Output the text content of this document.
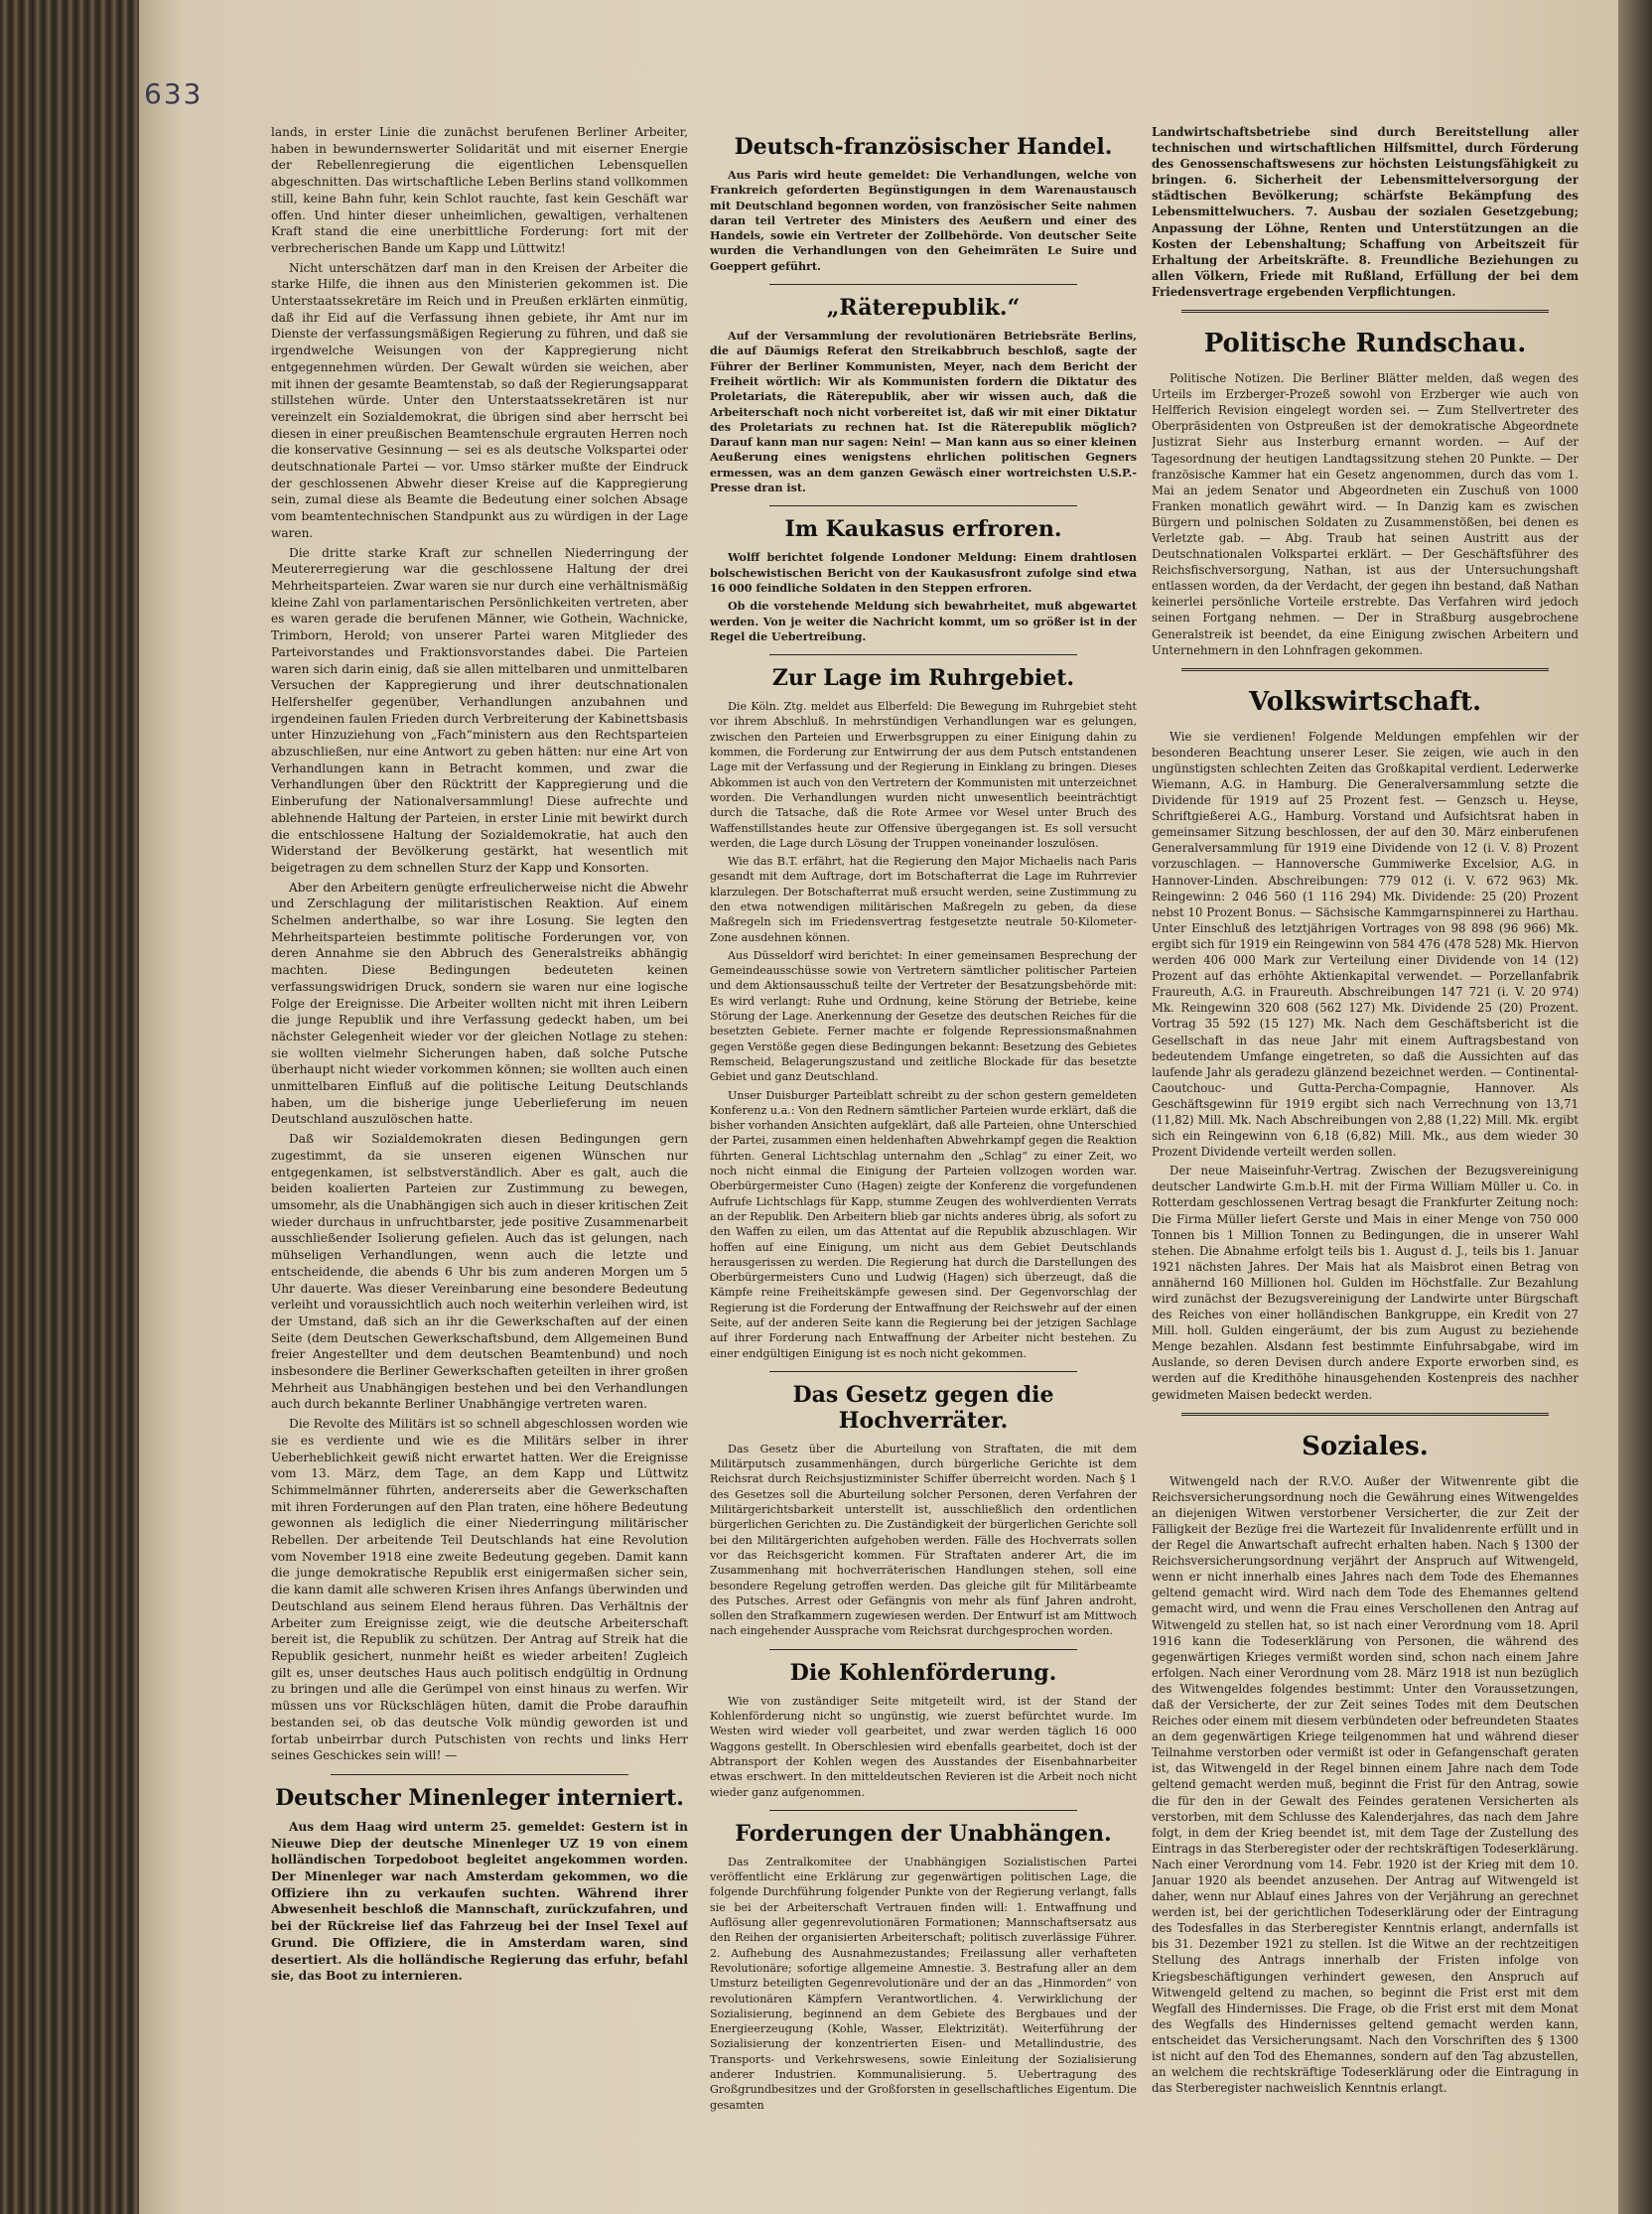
633

lands, in erster Linie die zunächst berufenen Berliner Arbeiter, haben in bewundernswerter Solidarität und mit eiserner Energie der Rebellenregierung die eigentlichen Lebensquellen abgeschnitten. Das wirtschaftliche Leben Berlins stand vollkommen still, keine Bahn fuhr, kein Schlot rauchte, fast kein Geschäft war offen. Und hinter dieser unheimlichen, gewaltigen, verhaltenen Kraft stand die eine unerbittliche Forderung: fort mit der verbrecherischen Bande um Kapp und Lüttwitz!

Nicht unterschätzen darf man in den Kreisen der Arbeiter die starke Hilfe, die ihnen aus den Ministerien gekommen ist. Die Unterstaatssekretäre im Reich und in Preußen erklärten einmütig, daß ihr Eid auf die Verfassung ihnen gebiete, ihr Amt nur im Dienste der verfassungsmäßigen Regierung zu führen, und daß sie irgendwelche Weisungen von der Kappregierung nicht entgegennehmen würden. Der Gewalt würden sie weichen, aber mit ihnen der gesamte Beamtenstab, so daß der Regierungsapparat stillstehen würde. Unter den Unterstaatssekretären ist nur vereinzelt ein Sozialdemokrat, die übrigen sind aber herrscht bei diesen in einer preußischen Beamtenschule ergrauten Herren noch die konservative Gesinnung — sei es als deutsche Volkspartei oder deutschnationale Partei — vor. Umso stärker mußte der Eindruck der geschlossenen Abwehr dieser Kreise auf die Kappregierung sein, zumal diese als Beamte die Bedeutung einer solchen Absage vom beamtentechnischen Standpunkt aus zu würdigen in der Lage waren.

Die dritte starke Kraft zur schnellen Niederringung der Meutererregierung war die geschlossene Haltung der drei Mehrheitsparteien. Zwar waren sie nur durch eine verhältnismäßig kleine Zahl von parlamentarischen Persönlichkeiten vertreten, aber es waren gerade die berufenen Männer, wie Gothein, Wachnicke, Trimborn, Herold; von unserer Partei waren Mitglieder des Parteivorstandes und Fraktionsvorstandes dabei. Die Parteien waren sich darin einig, daß sie allen mittelbaren und unmittelbaren Versuchen der Kappregierung und ihrer deutschnationalen Helfershelfer gegenüber, Verhandlungen anzubahnen und irgendeinen faulen Frieden durch Verbreiterung der Kabinettsbasis unter Hinzuziehung von „Fach“ministern aus den Rechtsparteien abzuschließen, nur eine Antwort zu geben hätten: nur eine Art von Verhandlungen kann in Betracht kommen, und zwar die Verhandlungen über den Rücktritt der Kappregierung und die Einberufung der Nationalversammlung! Diese aufrechte und ablehnende Haltung der Parteien, in erster Linie mit bewirkt durch die entschlossene Haltung der Sozialdemokratie, hat auch den Widerstand der Bevölkerung gestärkt, hat wesentlich mit beigetragen zu dem schnellen Sturz der Kapp und Konsorten.

Aber den Arbeitern genügte erfreulicherweise nicht die Abwehr und Zerschlagung der militaristischen Reaktion. Auf einem Schelmen anderthalbe, so war ihre Losung. Sie legten den Mehrheitsparteien bestimmte politische Forderungen vor, von deren Annahme sie den Abbruch des Generalstreiks abhängig machten. Diese Bedingungen bedeuteten keinen verfassungswidrigen Druck, sondern sie waren nur eine logische Folge der Ereignisse. Die Arbeiter wollten nicht mit ihren Leibern die junge Republik und ihre Verfassung gedeckt haben, um bei nächster Gelegenheit wieder vor der gleichen Notlage zu stehen: sie wollten vielmehr Sicherungen haben, daß solche Putsche überhaupt nicht wieder vorkommen können; sie wollten auch einen unmittelbaren Einfluß auf die politische Leitung Deutschlands haben, um die bisherige junge Ueberlieferung im neuen Deutschland auszulöschen hatte.

Daß wir Sozialdemokraten diesen Bedingungen gern zugestimmt, da sie unseren eigenen Wünschen nur entgegenkamen, ist selbstverständlich. Aber es galt, auch die beiden koalierten Parteien zur Zustimmung zu bewegen, umsomehr, als die Unabhängigen sich auch in dieser kritischen Zeit wieder durchaus in unfruchtbarster, jede positive Zusammenarbeit ausschließender Isolierung gefielen. Auch das ist gelungen, nach mühseligen Verhandlungen, wenn auch die letzte und entscheidende, die abends 6 Uhr bis zum anderen Morgen um 5 Uhr dauerte. Was dieser Vereinbarung eine besondere Bedeutung verleiht und voraussichtlich auch noch weiterhin verleihen wird, ist der Umstand, daß sich an ihr die Gewerkschaften auf der einen Seite (dem Deutschen Gewerkschaftsbund, dem Allgemeinen Bund freier Angestellter und dem deutschen Beamtenbund) und noch insbesondere die Berliner Gewerkschaften geteilten in ihrer großen Mehrheit aus Unabhängigen bestehen und bei den Verhandlungen auch durch bekannte Berliner Unabhängige vertreten waren.

Die Revolte des Militärs ist so schnell abgeschlossen worden wie sie es verdiente und wie es die Militärs selber in ihrer Ueberheblichkeit gewiß nicht erwartet hatten. Wer die Ereignisse vom 13. März, dem Tage, an dem Kapp und Lüttwitz Schimmelmänner führten, andererseits aber die Gewerkschaften mit ihren Forderungen auf den Plan traten, eine höhere Bedeutung gewonnen als lediglich die einer Niederringung militärischer Rebellen. Der arbeitende Teil Deutschlands hat eine Revolution vom November 1918 eine zweite Bedeutung gegeben. Damit kann die junge demokratische Republik erst einigermaßen sicher sein, die kann damit alle schweren Krisen ihres Anfangs überwinden und Deutschland aus seinem Elend heraus führen. Das Verhältnis der Arbeiter zum Ereignisse zeigt, wie die deutsche Arbeiterschaft bereit ist, die Republik zu schützen. Der Antrag auf Streik hat die Republik gesichert, nunmehr heißt es wieder arbeiten! Zugleich gilt es, unser deutsches Haus auch politisch endgültig in Ordnung zu bringen und alle die Gerümpel von einst hinaus zu werfen. Wir müssen uns vor Rückschlägen hüten, damit die Probe daraufhin bestanden sei, ob das deutsche Volk mündig geworden ist und fortab unbeirrbar durch Putschisten von rechts und links Herr seines Geschickes sein will! —

Deutscher Minenleger interniert.

Aus dem Haag wird unterm 25. gemeldet: Gestern ist in Nieuwe Diep der deutsche Minenleger UZ 19 von einem holländischen Torpedoboot begleitet angekommen worden. Der Minenleger war nach Amsterdam gekommen, wo die Offiziere ihn zu verkaufen suchten. Während ihrer Abwesenheit beschloß die Mannschaft, zurückzufahren, und bei der Rückreise lief das Fahrzeug bei der Insel Texel auf Grund. Die Offiziere, die in Amsterdam waren, sind desertiert. Als die holländische Regierung das erfuhr, befahl sie, das Boot zu internieren.

Deutsch-französischer Handel.

Aus Paris wird heute gemeldet: Die Verhandlungen, welche von Frankreich geforderten Begünstigungen in dem Warenaustausch mit Deutschland begonnen worden, von französischer Seite nahmen daran teil Vertreter des Ministers des Aeußern und einer des Handels, sowie ein Vertreter der Zollbehörde. Von deutscher Seite wurden die Verhandlungen von den Geheimräten Le Suire und Goeppert geführt.

„Räterepublik.“

Auf der Versammlung der revolutionären Betriebsräte Berlins, die auf Däumigs Referat den Streikabbruch beschloß, sagte der Führer der Berliner Kommunisten, Meyer, nach dem Bericht der Freiheit wörtlich: Wir als Kommunisten fordern die Diktatur des Proletariats, die Räterepublik, aber wir wissen auch, daß die Arbeiterschaft noch nicht vorbereitet ist, daß wir mit einer Diktatur des Proletariats zu rechnen hat. Ist die Räterepublik möglich? Darauf kann man nur sagen: Nein! — Man kann aus so einer kleinen Aeußerung eines wenigstens ehrlichen politischen Gegners ermessen, was an dem ganzen Gewäsch einer wortreichsten U.S.P.-Presse dran ist.

Im Kaukasus erfroren.

Wolff berichtet folgende Londoner Meldung: Einem drahtlosen bolschewistischen Bericht von der Kaukasusfront zufolge sind etwa 16 000 feindliche Soldaten in den Steppen erfroren.

Ob die vorstehende Meldung sich bewahrheitet, muß abgewartet werden. Von je weiter die Nachricht kommt, um so größer ist in der Regel die Uebertreibung.

Zur Lage im Ruhrgebiet.

Die Köln. Ztg. meldet aus Elberfeld: Die Bewegung im Ruhrgebiet steht vor ihrem Abschluß. In mehrstündigen Verhandlungen war es gelungen, zwischen den Parteien und Erwerbsgruppen zu einer Einigung dahin zu kommen, die Forderung zur Entwirrung der aus dem Putsch entstandenen Lage mit der Verfassung und der Regierung in Einklang zu bringen. Dieses Abkommen ist auch von den Vertretern der Kommunisten mit unterzeichnet worden. Die Verhandlungen wurden nicht unwesentlich beeinträchtigt durch die Tatsache, daß die Rote Armee vor Wesel unter Bruch des Waffenstillstandes heute zur Offensive übergegangen ist. Es soll versucht werden, die Lage durch Lösung der Truppen voneinander loszulösen.

Wie das B.T. erfährt, hat die Regierung den Major Michaelis nach Paris gesandt mit dem Auftrage, dort im Botschafterrat die Lage im Ruhrrevier klarzulegen. Der Botschafterrat muß ersucht werden, seine Zustimmung zu den etwa notwendigen militärischen Maßregeln zu geben, da diese Maßregeln sich im Friedensvertrag festgesetzte neutrale 50-Kilometer-Zone ausdehnen können.

Aus Düsseldorf wird berichtet: In einer gemeinsamen Besprechung der Gemeindeausschüsse sowie von Vertretern sämtlicher politischer Parteien und dem Aktionsausschuß teilte der Vertreter der Besatzungsbehörde mit: Es wird verlangt: Ruhe und Ordnung, keine Störung der Betriebe, keine Störung der Lage. Anerkennung der Gesetze des deutschen Reiches für die besetzten Gebiete. Ferner machte er folgende Repressionsmaßnahmen gegen Verstöße gegen diese Bedingungen bekannt: Besetzung des Gebietes Remscheid, Belagerungszustand und zeitliche Blockade für das besetzte Gebiet und ganz Deutschland.

Unser Duisburger Parteiblatt schreibt zu der schon gestern gemeldeten Konferenz u.a.: Von den Rednern sämtlicher Parteien wurde erklärt, daß die bisher vorhanden Ansichten aufgeklärt, daß alle Parteien, ohne Unterschied der Partei, zusammen einen heldenhaften Abwehrkampf gegen die Reaktion führten. General Lichtschlag unternahm den „Schlag“ zu einer Zeit, wo noch nicht einmal die Einigung der Parteien vollzogen worden war. Oberbürgermeister Cuno (Hagen) zeigte der Konferenz die vorgefundenen Aufrufe Lichtschlags für Kapp, stumme Zeugen des wohlverdienten Verrats an der Republik. Den Arbeitern blieb gar nichts anderes übrig, als sofort zu den Waffen zu eilen, um das Attentat auf die Republik abzuschlagen. Wir hoffen auf eine Einigung, um nicht aus dem Gebiet Deutschlands herausgerissen zu werden. Die Regierung hat durch die Darstellungen des Oberbürgermeisters Cuno und Ludwig (Hagen) sich überzeugt, daß die Kämpfe reine Freiheitskämpfe gewesen sind. Der Gegenvorschlag der Regierung ist die Forderung der Entwaffnung der Reichswehr auf der einen Seite, auf der anderen Seite kann die Regierung bei der jetzigen Sachlage auf ihrer Forderung nach Entwaffnung der Arbeiter nicht bestehen. Zu einer endgültigen Einigung ist es noch nicht gekommen.

Das Gesetz gegen die Hochverräter.

Das Gesetz über die Aburteilung von Straftaten, die mit dem Militärputsch zusammenhängen, durch bürgerliche Gerichte ist dem Reichsrat durch Reichsjustizminister Schiffer überreicht worden. Nach § 1 des Gesetzes soll die Aburteilung solcher Personen, deren Verfahren der Militärgerichtsbarkeit unterstellt ist, ausschließlich den ordentlichen bürgerlichen Gerichten zu. Die Zuständigkeit der bürgerlichen Gerichte soll bei den Militärgerichten aufgehoben werden. Fälle des Hochverrats sollen vor das Reichsgericht kommen. Für Straftaten anderer Art, die im Zusammenhang mit hochverräterischen Handlungen stehen, soll eine besondere Regelung getroffen werden. Das gleiche gilt für Militärbeamte des Putsches. Arrest oder Gefängnis von mehr als fünf Jahren androht, sollen den Strafkammern zugewiesen werden. Der Entwurf ist am Mittwoch nach eingehender Aussprache vom Reichsrat durchgesprochen worden.

Die Kohlenförderung.

Wie von zuständiger Seite mitgeteilt wird, ist der Stand der Kohlenförderung nicht so ungünstig, wie zuerst befürchtet wurde. Im Westen wird wieder voll gearbeitet, und zwar werden täglich 16 000 Waggons gestellt. In Oberschlesien wird ebenfalls gearbeitet, doch ist der Abtransport der Kohlen wegen des Ausstandes der Eisenbahnarbeiter etwas erschwert. In den mitteldeutschen Revieren ist die Arbeit noch nicht wieder ganz aufgenommen.

Forderungen der Unabhängen.

Das Zentralkomitee der Unabhängigen Sozialistischen Partei veröffentlicht eine Erklärung zur gegenwärtigen politischen Lage, die folgende Durchführung folgender Punkte von der Regierung verlangt, falls sie bei der Arbeiterschaft Vertrauen finden will: 1. Entwaffnung und Auflösung aller gegenrevolutionären Formationen; Mannschaftsersatz aus den Reihen der organisierten Arbeiterschaft; politisch zuverlässige Führer. 2. Aufhebung des Ausnahmezustandes; Freilassung aller verhafteten Revolutionäre; sofortige allgemeine Amnestie. 3. Bestrafung aller an dem Umsturz beteiligten Gegenrevolutionäre und der an das „Hinmorden“ von revolutionären Kämpfern Verantwortlichen. 4. Verwirklichung der Sozialisierung, beginnend an dem Gebiete des Bergbaues und der Energieerzeugung (Kohle, Wasser, Elektrizität). Weiterführung der Sozialisierung der konzentrierten Eisen- und Metallindustrie, des Transports- und Verkehrswesens, sowie Einleitung der Sozialisierung anderer Industrien. Kommunalisierung. 5. Uebertragung des Großgrundbesitzes und der Großforsten in gesellschaftliches Eigentum. Die gesamten

Landwirtschaftsbetriebe sind durch Bereitstellung aller technischen und wirtschaftlichen Hilfsmittel, durch Förderung des Genossenschaftswesens zur höchsten Leistungsfähigkeit zu bringen. 6. Sicherheit der Lebensmittelversorgung der städtischen Bevölkerung; schärfste Bekämpfung des Lebensmittelwuchers. 7. Ausbau der sozialen Gesetzgebung; Anpassung der Löhne, Renten und Unterstützungen an die Kosten der Lebenshaltung; Schaffung von Arbeitszeit für Erhaltung der Arbeitskräfte. 8. Freundliche Beziehungen zu allen Völkern, Friede mit Rußland, Erfüllung der bei dem Friedensvertrage ergebenden Verpflichtungen.

Politische Rundschau.

Politische Notizen. Die Berliner Blätter melden, daß wegen des Urteils im Erzberger-Prozeß sowohl von Erzberger wie auch von Helfferich Revision eingelegt worden sei. — Zum Stellvertreter des Oberpräsidenten von Ostpreußen ist der demokratische Abgeordnete Justizrat Siehr aus Insterburg ernannt worden. — Auf der Tagesordnung der heutigen Landtagssitzung stehen 20 Punkte. — Der französische Kammer hat ein Gesetz angenommen, durch das vom 1. Mai an jedem Senator und Abgeordneten ein Zuschuß von 1000 Franken monatlich gewährt wird. — In Danzig kam es zwischen Bürgern und polnischen Soldaten zu Zusammenstößen, bei denen es Verletzte gab. — Abg. Traub hat seinen Austritt aus der Deutschnationalen Volkspartei erklärt. — Der Geschäftsführer des Reichsfischversorgung, Nathan, ist aus der Untersuchungshaft entlassen worden, da der Verdacht, der gegen ihn bestand, daß Nathan keinerlei persönliche Vorteile erstrebte. Das Verfahren wird jedoch seinen Fortgang nehmen. — Der in Straßburg ausgebrochene Generalstreik ist beendet, da eine Einigung zwischen Arbeitern und Unternehmern in den Lohnfragen gekommen.

Volkswirtschaft.

Wie sie verdienen! Folgende Meldungen empfehlen wir der besonderen Beachtung unserer Leser. Sie zeigen, wie auch in den ungünstigsten schlechten Zeiten das Großkapital verdient. Lederwerke Wiemann, A.G. in Hamburg. Die Generalversammlung setzte die Dividende für 1919 auf 25 Prozent fest. — Genzsch u. Heyse, Schriftgießerei A.G., Hamburg. Vorstand und Aufsichtsrat haben in gemeinsamer Sitzung beschlossen, der auf den 30. März einberufenen Generalversammlung für 1919 eine Dividende von 12 (i. V. 8) Prozent vorzuschlagen. — Hannoversche Gummiwerke Excelsior, A.G. in Hannover-Linden. Abschreibungen: 779 012 (i. V. 672 963) Mk. Reingewinn: 2 046 560 (1 116 294) Mk. Dividende: 25 (20) Prozent nebst 10 Prozent Bonus. — Sächsische Kammgarnspinnerei zu Harthau. Unter Einschluß des letztjährigen Vortrages von 98 898 (96 966) Mk. ergibt sich für 1919 ein Reingewinn von 584 476 (478 528) Mk. Hiervon werden 406 000 Mark zur Verteilung einer Dividende von 14 (12) Prozent auf das erhöhte Aktienkapital verwendet. — Porzellanfabrik Fraureuth, A.G. in Fraureuth. Abschreibungen 147 721 (i. V. 20 974) Mk. Reingewinn 320 608 (562 127) Mk. Dividende 25 (20) Prozent. Vortrag 35 592 (15 127) Mk. Nach dem Geschäftsbericht ist die Gesellschaft in das neue Jahr mit einem Auftragsbestand von bedeutendem Umfange eingetreten, so daß die Aussichten auf das laufende Jahr als geradezu glänzend bezeichnet werden. — Continental-Caoutchouc- und Gutta-Percha-Compagnie, Hannover. Als Geschäftsgewinn für 1919 ergibt sich nach Verrechnung von 13,71 (11,82) Mill. Mk. Nach Abschreibungen von 2,88 (1,22) Mill. Mk. ergibt sich ein Reingewinn von 6,18 (6,82) Mill. Mk., aus dem wieder 30 Prozent Dividende verteilt werden sollen.

Der neue Maiseinfuhr-Vertrag. Zwischen der Bezugsvereinigung deutscher Landwirte G.m.b.H. mit der Firma William Müller u. Co. in Rotterdam geschlossenen Vertrag besagt die Frankfurter Zeitung noch: Die Firma Müller liefert Gerste und Mais in einer Menge von 750 000 Tonnen bis 1 Million Tonnen zu Bedingungen, die in unserer Wahl stehen. Die Abnahme erfolgt teils bis 1. August d. J., teils bis 1. Januar 1921 nächsten Jahres. Der Mais hat als Maisbrot einen Betrag von annähernd 160 Millionen hol. Gulden im Höchstfalle. Zur Bezahlung wird zunächst der Bezugsvereinigung der Landwirte unter Bürgschaft des Reiches von einer holländischen Bankgruppe, ein Kredit von 27 Mill. holl. Gulden eingeräumt, der bis zum August zu beziehende Menge bezahlen. Alsdann fest bestimmte Einfuhrsabgabe, wird im Auslande, so deren Devisen durch andere Exporte erworben sind, es werden auf die Kredithöhe hinausgehenden Kostenpreis des nachher gewidmeten Maisen bedeckt werden.

Soziales.

Witwengeld nach der R.V.O. Außer der Witwenrente gibt die Reichsversicherungsordnung noch die Gewährung eines Witwengeldes an diejenigen Witwen verstorbener Versicherter, die zur Zeit der Fälligkeit der Bezüge frei die Wartezeit für Invalidenrente erfüllt und in der Regel die Anwartschaft aufrecht erhalten haben. Nach § 1300 der Reichsversicherungsordnung verjährt der Anspruch auf Witwengeld, wenn er nicht innerhalb eines Jahres nach dem Tode des Ehemannes geltend gemacht wird. Wird nach dem Tode des Ehemannes geltend gemacht wird, und wenn die Frau eines Verschollenen den Antrag auf Witwengeld zu stellen hat, so ist nach einer Verordnung vom 18. April 1916 kann die Todeserklärung von Personen, die während des gegenwärtigen Krieges vermißt worden sind, schon nach einem Jahre erfolgen. Nach einer Verordnung vom 28. März 1918 ist nun bezüglich des Witwengeldes folgendes bestimmt: Unter den Voraussetzungen, daß der Versicherte, der zur Zeit seines Todes mit dem Deutschen Reiches oder einem mit diesem verbündeten oder befreundeten Staates an dem gegenwärtigen Kriege teilgenommen hat und während dieser Teilnahme verstorben oder vermißt ist oder in Gefangenschaft geraten ist, das Witwengeld in der Regel binnen einem Jahre nach dem Tode geltend gemacht werden muß, beginnt die Frist für den Antrag, sowie die für den in der Gewalt des Feindes geratenen Versicherten als verstorben, mit dem Schlusse des Kalenderjahres, das nach dem Jahre folgt, in dem der Krieg beendet ist, mit dem Tage der Zustellung des Eintrags in das Sterberegister oder der rechtskräftigen Todeserklärung. Nach einer Verordnung vom 14. Febr. 1920 ist der Krieg mit dem 10. Januar 1920 als beendet anzusehen. Der Antrag auf Witwengeld ist daher, wenn nur Ablauf eines Jahres von der Verjährung an gerechnet werden ist, bei der gerichtlichen Todeserklärung oder der Eintragung des Todesfalles in das Sterberegister Kenntnis erlangt, andernfalls ist bis 31. Dezember 1921 zu stellen. Ist die Witwe an der rechtzeitigen Stellung des Antrags innerhalb der Fristen infolge von Kriegsbeschäftigungen verhindert gewesen, den Anspruch auf Witwengeld geltend zu machen, so beginnt die Frist erst mit dem Wegfall des Hindernisses. Die Frage, ob die Frist erst mit dem Monat des Wegfalls des Hindernisses geltend gemacht werden kann, entscheidet das Versicherungsamt. Nach den Vorschriften des § 1300 ist nicht auf den Tod des Ehemannes, sondern auf den Tag abzustellen, an welchem die rechtskräftige Todeserklärung oder die Eintragung in das Sterberegister nachweislich Kenntnis erlangt.
